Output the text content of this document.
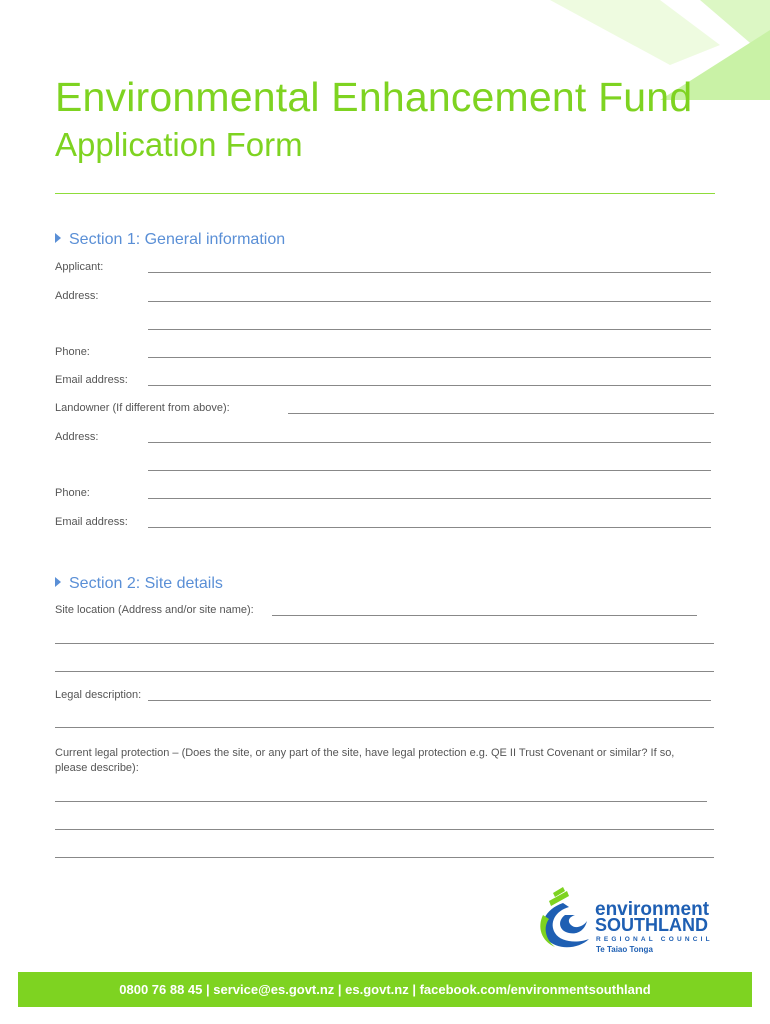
Environmental Enhancement Fund
Application Form
Section 1: General information
Applicant:
Address:
Phone:
Email address:
Landowner (If different from above):
Address:
Phone:
Email address:
Section 2: Site details
Site location (Address and/or site name):
Legal description:
Current legal protection – (Does the site, or any part of the site, have legal protection e.g. QE II Trust Covenant or similar? If so,
please describe):
environment
SOUTHLAND
REGIONAL COUNCIL
Te Taiao Tonga
0800 76 88 45 | service@es.govt.nz | es.govt.nz | facebook.com/environmentsouthland
